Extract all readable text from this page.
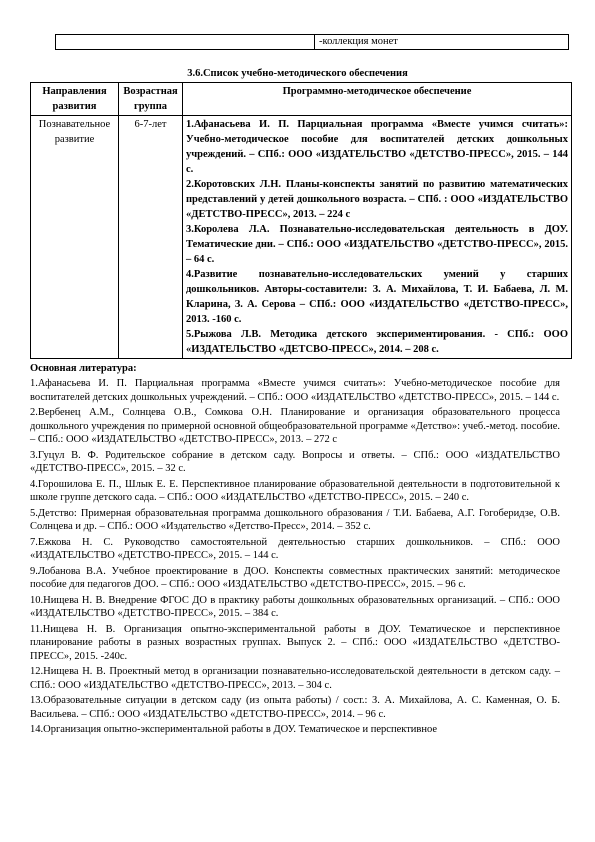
	-коллекция монет
3.6.Список учебно-методического обеспечения
Направления развития	Возрастная группа	Программно-методическое обеспечение
Познавательное развитие	6-7-лет	1.Афанасьева И. П. Парциальная программа «Вместе учимся считать»: Учебно-методическое пособие для воспитателей детских дошкольных учреждений. – СПб.: ООО «ИЗДАТЕЛЬСТВО «ДЕТСТВО-ПРЕСС», 2015. – 144 с.

2.Коротовских Л.Н. Планы-конспекты занятий по развитию математических представлений у детей дошкольного возраста. – СПб. : ООО «ИЗДАТЕЛЬСТВО «ДЕТСТВО-ПРЕСС», 2013. – 224 с

3.Королева Л.А. Познавательно-исследовательская деятельность в ДОУ. Тематические дни. – СПб.: ООО «ИЗДАТЕЛЬСТВО «ДЕТСТВО-ПРЕСС», 2015. – 64 с.

4.Развитие познавательно-исследовательских умений у старших дошкольников. Авторы-составители: З. А. Михайлова, Т. И. Бабаева, Л. М. Кларина, З. А. Серова – СПб.: ООО «ИЗДАТЕЛЬСТВО «ДЕТСТВО-ПРЕСС», 2013. -160 с.

5.Рыжова Л.В. Методика детского экспериментирования. - СПб.: ООО «ИЗДАТЕЛЬСТВО «ДЕТСВО-ПРЕСС», 2014. – 208 с.

Основная литература:

1.Афанасьева И. П. Парциальная программа «Вместе учимся считать»: Учебно-методическое пособие для воспитателей детских дошкольных учреждений. – СПб.: ООО «ИЗДАТЕЛЬСТВО «ДЕТСТВО-ПРЕСС», 2015. – 144 с.

2.Вербенец А.М., Солнцева О.В., Сомкова О.Н. Планирование и организация образовательного процесса дошкольного учреждения по примерной основной общеобразовательной программе «Детство»: учеб.-метод. пособие. – СПб.: ООО «ИЗДАТЕЛЬСТВО «ДЕТСТВО-ПРЕСС», 2013. – 272 с

3.Гуцул В. Ф. Родительское собрание в детском саду. Вопросы и ответы. – СПб.: ООО «ИЗДАТЕЛЬСТВО «ДЕТСТВО-ПРЕСС», 2015. – 32 с.

4.Горошилова Е. П., Шлык Е. Е. Перспективное планирование образовательной деятельности в подготовительной к школе группе детского сада. – СПб.: ООО «ИЗДАТЕЛЬСТВО «ДЕТСТВО-ПРЕСС», 2015. – 240 с.

5.Детство: Примерная образовательная программа дошкольного образования / Т.И. Бабаева, А.Г. Гогоберидзе, О.В. Солнцева и др. – СПб.: ООО «Издательство «Детство-Пресс», 2014. – 352 с.

7.Ежкова Н. С. Руководство самостоятельной деятельностью старших дошкольников. – СПб.: ООО «ИЗДАТЕЛЬСТВО «ДЕТСТВО-ПРЕСС», 2015. – 144 с.

9.Лобанова В.А. Учебное проектирование в ДОО. Конспекты совместных практических занятий: методическое пособие для педагогов ДОО. – СПб.: ООО «ИЗДАТЕЛЬСТВО «ДЕТСТВО-ПРЕСС», 2015. – 96 с.

10.Нищева Н. В. Внедрение ФГОС ДО в практику работы дошкольных образовательных организаций. – СПб.: ООО «ИЗДАТЕЛЬСТВО «ДЕТСТВО-ПРЕСС», 2015. – 384 с.

11.Нищева Н. В. Организация опытно-экспериментальной работы в ДОУ. Тематическое и перспективное планирование работы в разных возрастных группах. Выпуск 2. – СПб.: ООО «ИЗДАТЕЛЬСТВО «ДЕТСТВО-ПРЕСС», 2015. -240с.

12.Нищева Н. В. Проектный метод в организации познавательно-исследовательской деятельности в детском саду. – СПб.: ООО «ИЗДАТЕЛЬСТВО «ДЕТСТВО-ПРЕСС», 2013. – 304 с.

13.Образовательные ситуации в детском саду (из опыта работы) / сост.: З. А. Михайлова, А. С. Каменная, О. Б. Васильева. – СПб.: ООО «ИЗДАТЕЛЬСТВО «ДЕТСТВО-ПРЕСС», 2014. – 96 с.

14.Организация опытно-экспериментальной работы в ДОУ. Тематическое и перспективное
